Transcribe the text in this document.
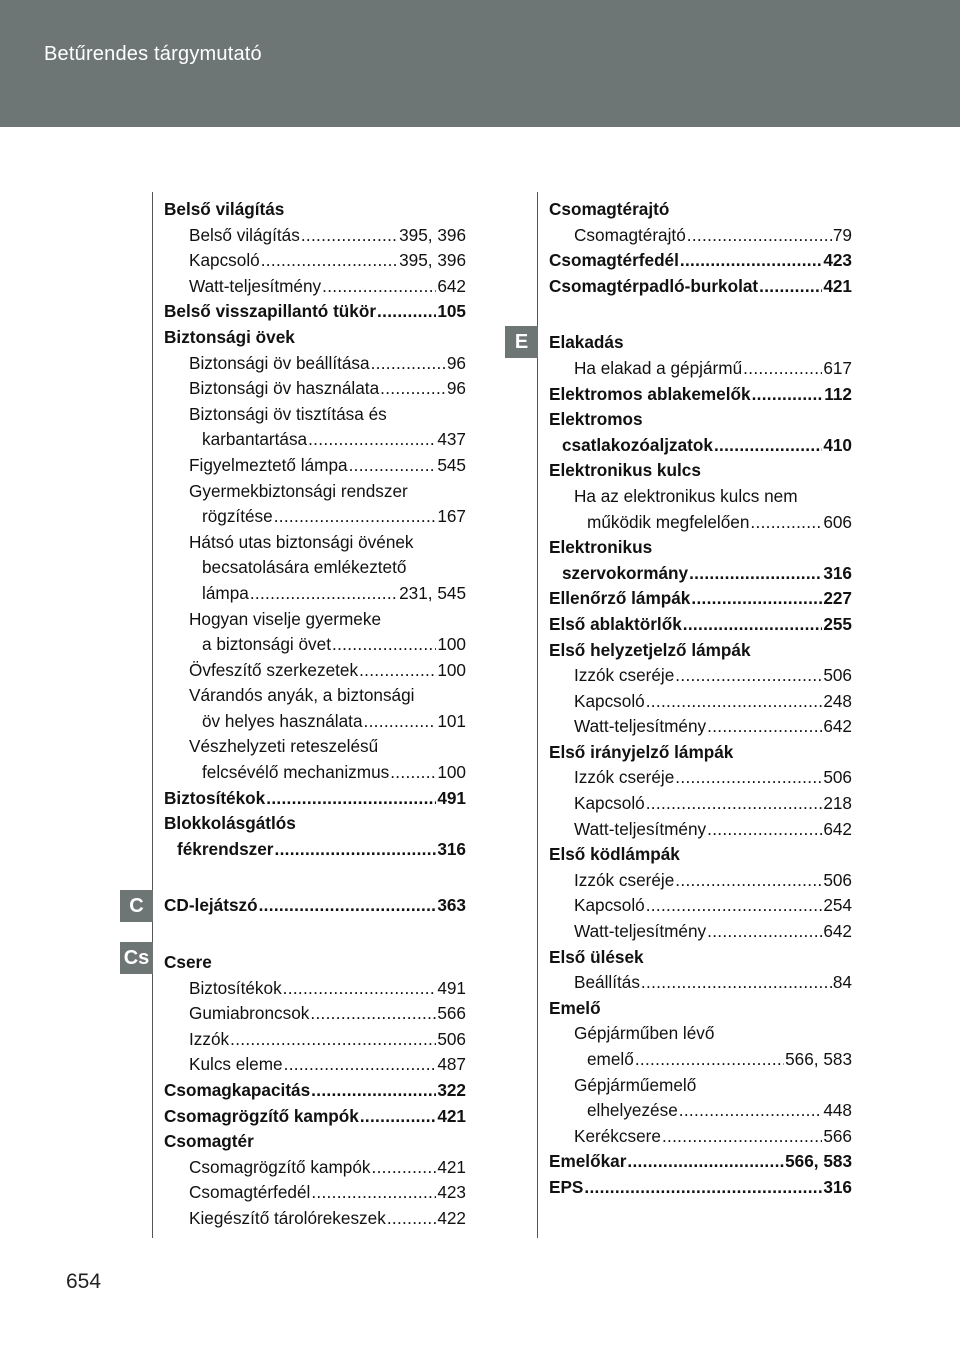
Betűrendes tárgymutató
C
Cs
E
Belső világítás
Belső világítás .....	395, 396
Kapcsoló .....	395, 396
Watt-teljesítmény .....	642
Belső visszapillantó tükör .....	105
Biztonsági övek
Biztonsági öv beállítása .....	96
Biztonsági öv használata .....	96
Biztonsági öv tisztítása és
karbantartása .....	437
Figyelmeztető lámpa .....	545
Gyermekbiztonsági rendszer
rögzítése .....	167
Hátsó utas biztonsági övének
becsatolására emlékeztető
lámpa .....	231, 545
Hogyan viselje gyermeke
a biztonsági övet .....	100
Övfeszítő szerkezetek .....	100
Várandós anyák, a biztonsági
öv helyes használata .....	101
Vészhelyzeti reteszelésű
felcsévélő mechanizmus .....	100
Biztosítékok .....	491
Blokkolásgátlós
fékrendszer .....	316
CD-lejátszó .....	363
Csere
Biztosítékok .....	491
Gumiabroncsok .....	566
Izzók .....	506
Kulcs eleme .....	487
Csomagkapacitás .....	322
Csomagrögzítő kampók .....	421
Csomagtér
Csomagrögzítő kampók .....	421
Csomagtérfedél .....	423
Kiegészítő tárolórekeszek .....	422
Csomagtérajtó
Csomagtérajtó .....	79
Csomagtérfedél .....	423
Csomagtérpadló-burkolat .....	421
Elakadás
Ha elakad a gépjármű .....	617
Elektromos ablakemelők .....	112
Elektromos
csatlakozóaljzatok .....	410
Elektronikus kulcs
Ha az elektronikus kulcs nem
működik megfelelően .....	606
Elektronikus
szervokormány .....	316
Ellenőrző lámpák .....	227
Első ablaktörlők .....	255
Első helyzetjelző lámpák
Izzók cseréje .....	506
Kapcsoló .....	248
Watt-teljesítmény .....	642
Első irányjelző lámpák
Izzók cseréje .....	506
Kapcsoló .....	218
Watt-teljesítmény .....	642
Első ködlámpák
Izzók cseréje .....	506
Kapcsoló .....	254
Watt-teljesítmény .....	642
Első ülések
Beállítás .....	84
Emelő
Gépjárműben lévő
emelő .....	566, 583
Gépjárműemelő
elhelyezése .....	448
Kerékcsere .....	566
Emelőkar .....	566, 583
EPS .....	316
654
